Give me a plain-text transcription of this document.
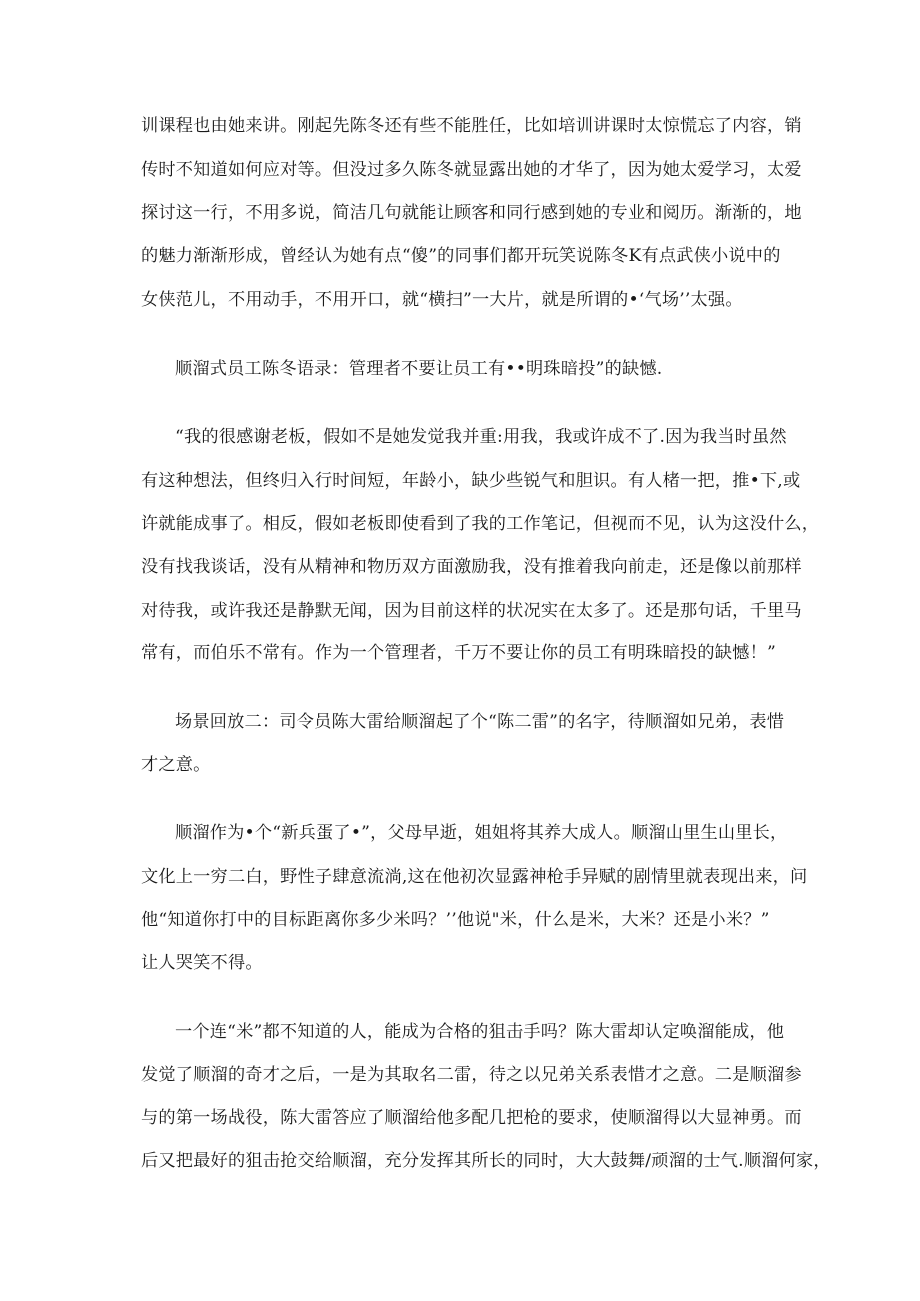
训课程也由她来讲。刚起先陈冬还有些不能胜任，比如培训讲课时太惊慌忘了内容，销
传时不知道如何应对等。但没过多久陈冬就显露出她的才华了，因为她太爱学习，太爱
探讨这一行，不用多说，简洁几句就能让顾客和同行感到她的专业和阅历。渐渐的，地
的魅力渐渐形成，曾经认为她有点“傻”的同事们都开玩笑说陈冬K有点武侠小说中的
女侠范儿，不用动手，不用开口，就“横扫”一大片，就是所谓的•‘气场’’太强。
顺溜式员工陈冬语录：管理者不要让员工有••明珠暗投”的缺憾.
“我的很感谢老板，假如不是她发觉我并重:用我，我或许成不了.因为我当时虽然
有这种想法，但终归入行时间短，年龄小，缺少些锐气和胆识。有人楮一把，推•下,或
许就能成事了。相反，假如老板即使看到了我的工作笔记，但视而不见，认为这没什么，
没有找我谈话，没有从精神和物历双方面激励我，没有推着我向前走，还是像以前那样
对待我，或许我还是静默无闻，因为目前这样的状况实在太多了。还是那句话，千里马
常有，而伯乐不常有。作为一个管理者，千万不要让你的员工有明珠暗投的缺憾！”
场景回放二：司令员陈大雷给顺溜起了个“陈二雷”的名字，待顺溜如兄弟，表惜
才之意。
顺溜作为•个“新兵蛋了•”，父母早逝，姐姐将其养大成人。顺溜山里生山里长，
文化上一穷二白，野性子肆意流淌,这在他初次显露神枪手异赋的剧情里就表现出来，问
他“知道你打中的目标距离你多少米吗？’’他说"米，什么是米，大米？还是小米？”
让人哭笑不得。
一个连“米”都不知道的人，能成为合格的狙击手吗？陈大雷却认定唤溜能成，他
发觉了顺溜的奇才之后，一是为其取名二雷，待之以兄弟关系表惜才之意。二是顺溜参
与的第一场战役，陈大雷答应了顺溜给他多配几把枪的要求，使顺溜得以大显神勇。而
后又把最好的狙击抢交给顺溜，充分发挥其所长的同时，大大鼓舞/顽溜的士气.顺溜何家，
